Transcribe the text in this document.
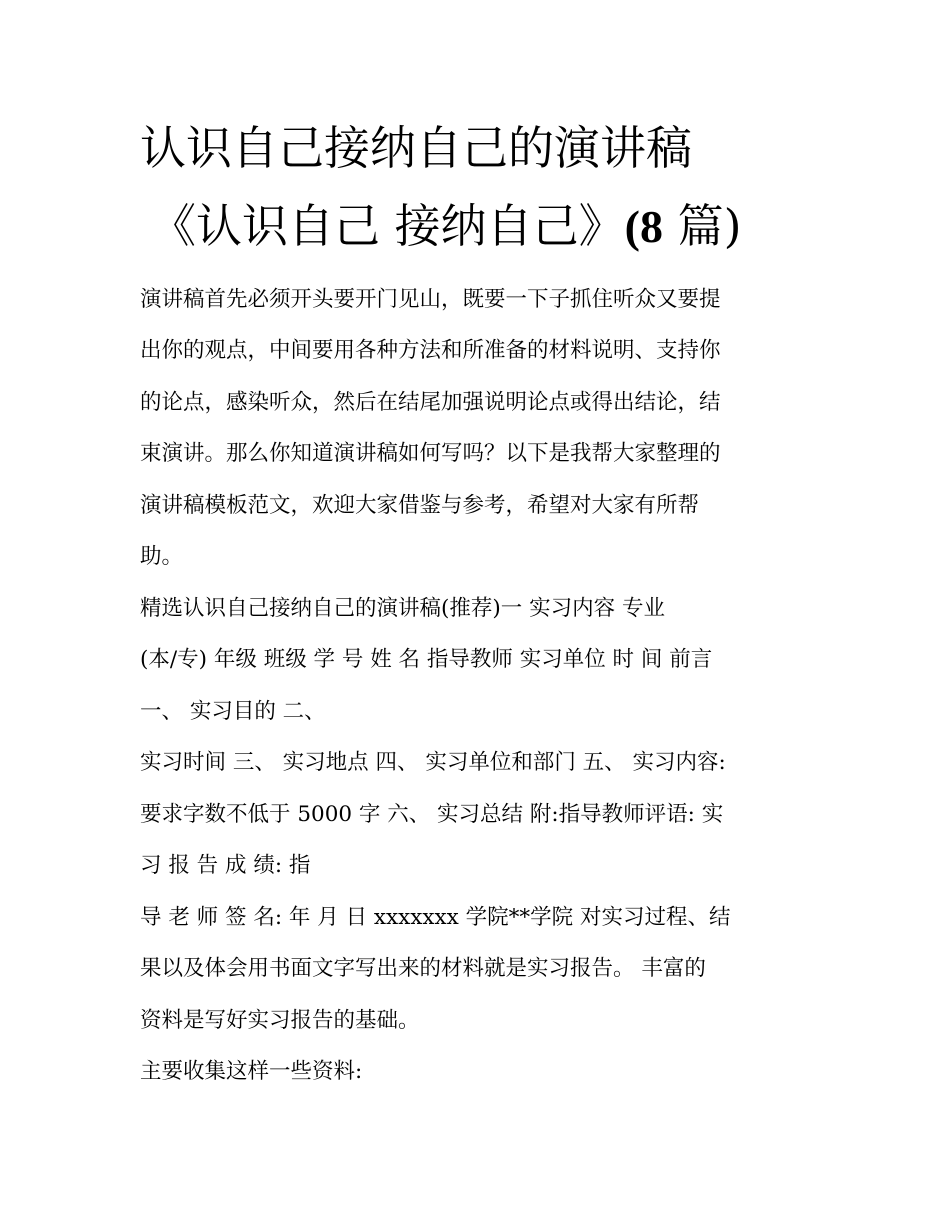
认识自己接纳自己的演讲稿
《认识自己 接纳自己》(8 篇)
演讲稿首先必须开头要开门见山，既要一下子抓住听众又要提
出你的观点，中间要用各种方法和所准备的材料说明、支持你
的论点，感染听众，然后在结尾加强说明论点或得出结论，结
束演讲。那么你知道演讲稿如何写吗？以下是我帮大家整理的
演讲稿模板范文，欢迎大家借鉴与参考，希望对大家有所帮
助。
精选认识自己接纳自己的演讲稿(推荐)一 实习内容 专业
(本/专) 年级 班级 学 号 姓 名 指导教师 实习单位 时 间 前言
一、 实习目的 二、
实习时间 三、 实习地点 四、 实习单位和部门 五、 实习内容:
要求字数不低于 5000 字 六、 实习总结 附:指导教师评语: 实
习 报 告 成 绩: 指
导 老 师 签 名: 年 月 日 xxxxxxx 学院**学院 对实习过程、结
果以及体会用书面文字写出来的材料就是实习报告。 丰富的
资料是写好实习报告的基础。
主要收集这样一些资料:
